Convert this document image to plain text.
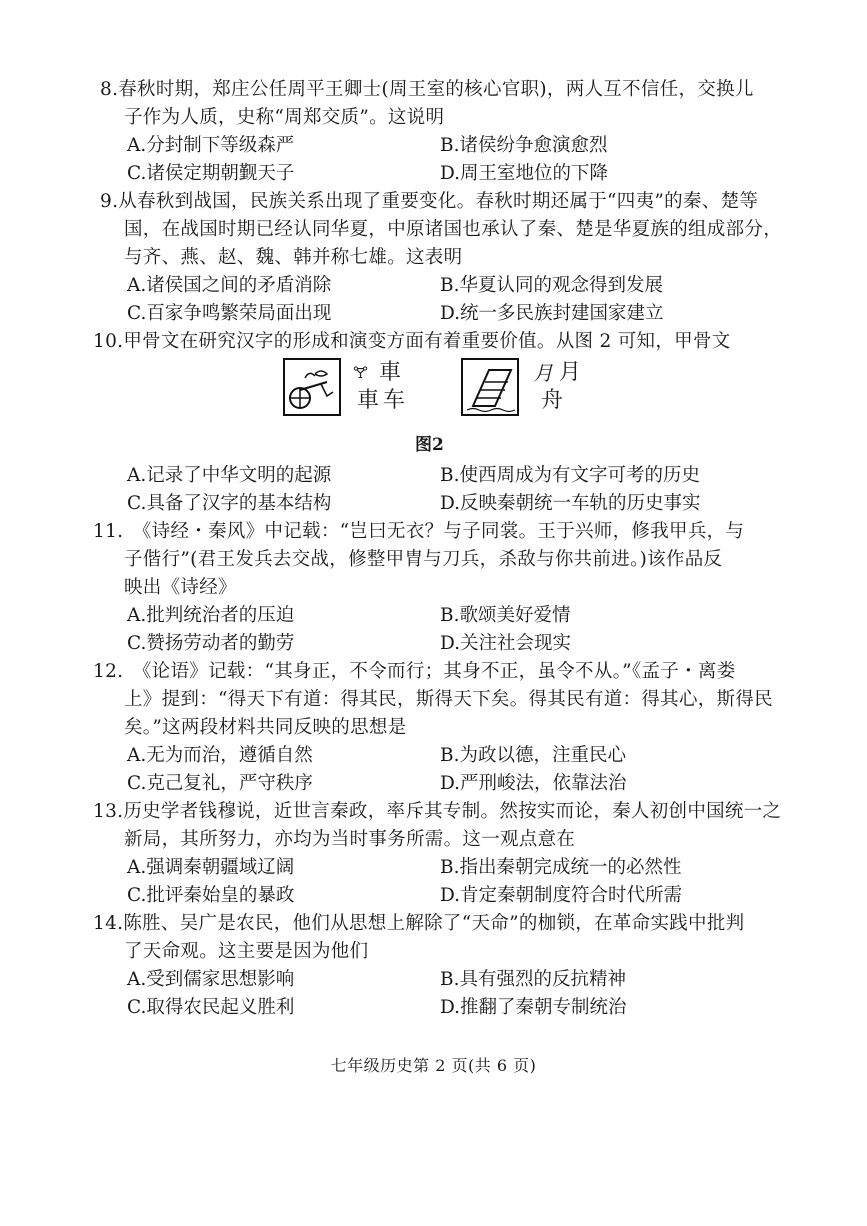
8.春秋时期，郑庄公任周平王卿士(周王室的核心官职)，两人互不信任，交换儿
子作为人质，史称“周郑交质”。这说明
A.分封制下等级森严	B.诸侯纷争愈演愈烈
C.诸侯定期朝觐天子	D.周王室地位的下降
9.从春秋到战国，民族关系出现了重要变化。春秋时期还属于“四夷”的秦、楚等
国，在战国时期已经认同华夏，中原诸国也承认了秦、楚是华夏族的组成部分，
与齐、燕、赵、魏、韩并称七雄。这表明
A.诸侯国之间的矛盾消除	B.华夏认同的观念得到发展
C.百家争鸣繁荣局面出现	D.统一多民族封建国家建立
10.甲骨文在研究汉字的形成和演变方面有着重要价值。从图 2 可知，甲骨文
🝖 車
車 车
月 月
舟
图2
A.记录了中华文明的起源	B.使西周成为有文字可考的历史
C.具备了汉字的基本结构	D.反映秦朝统一车轨的历史事实
11.　《诗经・秦风》中记载：“岂曰无衣？与子同裳。王于兴师，修我甲兵，与
子偕行”(君王发兵去交战，修整甲胄与刀兵，杀敌与你共前进。)该作品反
映出《诗经》
A.批判统治者的压迫	B.歌颂美好爱情
C.赞扬劳动者的勤劳	D.关注社会现实
12.　《论语》记载：“其身正，不令而行；其身不正，虽令不从。”《孟子・离娄
上》提到：“得天下有道：得其民，斯得天下矣。得其民有道：得其心，斯得民
矣。”这两段材料共同反映的思想是
A.无为而治，遵循自然	B.为政以德，注重民心
C.克己复礼，严守秩序	D.严刑峻法，依靠法治
13.历史学者钱穆说，近世言秦政，率斥其专制。然按实而论，秦人初创中国统一之
新局，其所努力，亦均为当时事务所需。这一观点意在
A.强调秦朝疆域辽阔	B.指出秦朝完成统一的必然性
C.批评秦始皇的暴政	D.肯定秦朝制度符合时代所需
14.陈胜、吴广是农民，他们从思想上解除了“天命”的枷锁，在革命实践中批判
了天命观。这主要是因为他们
A.受到儒家思想影响	B.具有强烈的反抗精神
C.取得农民起义胜利	D.推翻了秦朝专制统治
七年级历史第 2 页(共 6 页)
